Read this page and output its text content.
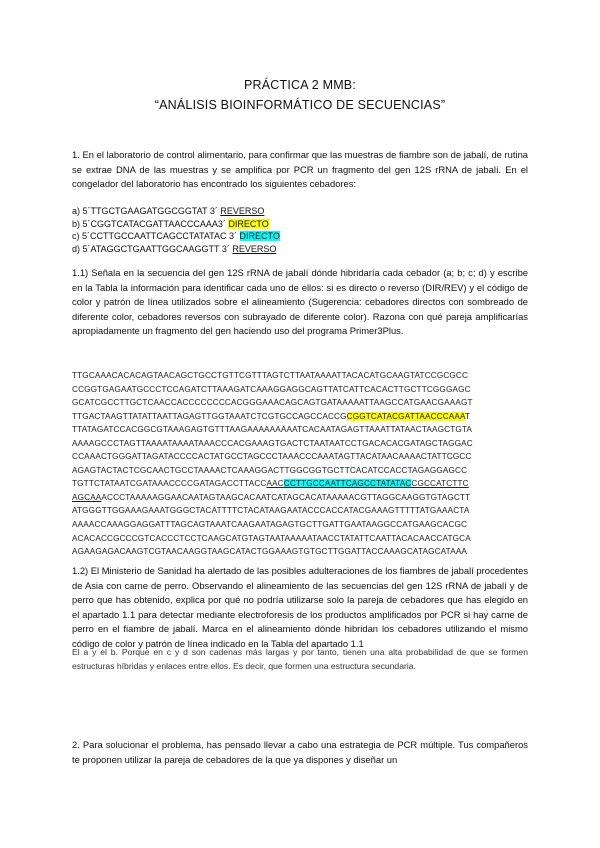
PRÁCTICA 2 MMB:
“ANÁLISIS BIOINFORMÁTICO DE SECUENCIAS”
1. En el laboratorio de control alimentario, para confirmar que las muestras de fiambre son de jabalí, de rutina se extrae DNA de las muestras y se amplifica por PCR un fragmento del gen 12S rRNA de jabalí. En el congelador del laboratorio has encontrado los siguientes cebadores:
a) 5´TTGCTGAAGATGGCGGTAT 3´ REVERSO
b) 5´CGGTCATACGATTAACCCAAA3´ DIRECTO
c) 5´CCTTGCCAATTCAGCCTATATAC 3´ DIRECTO
d) 5´ATAGGCTGAATTGGCAAGGTT 3´ REVERSO
1.1) Señala en la secuencia del gen 12S rRNA de jabalí dónde hibridaría cada cebador (a; b; c; d) y escribe en la Tabla la información para identificar cada uno de ellos: si es directo o reverso (DIR/REV) y el código de color y patrón de línea utilizados sobre el alineamiento (Sugerencia: cebadores directos con sombreado de diferente color, cebadores reversos con subrayado de diferente color). Razona con qué pareja amplificarías apropiadamente un fragmento del gen haciendo uso del programa Primer3Plus.
TTGCAAACACACAGTAACAGCTGCCTGTTCGTTTAGTCTTAATAAAATTACACATGCAAGTATCCGCGCC
CCGGTGAGAATGCCCTCCAGATCTTAAAGATCAAAGGAGGCAGTTATCATTCACACTTGCTTCGGGAGC
GCATCGCCTTGCTCAACCACCCCCCCCACGGGAAACAGCAGTGATAAAAATTAAGCCATGAACGAAAGT
TTGACTAAGTTATATTAATTAGAGTTGGTAAATCTCGTGCCAGCCACCGCGGTCATACGATTAACCCAAAT
TTATAGATCCACGGCGTAAAGAGTGTTTAAGAAAAAAAAATCACAATAGAGTTAAATTATAACTAAGCTGTA
AAAAGCCCTAGTTAAAATAAAATAAACCCACGAAAGTGACTCTAATAATCCTGACACACGATAGCTAGGAC
CCAAACTGGGATTAGATACCCCACTATGCCTAGCCCTAAACCCAAATAGTTACATAACAAAACTATTCGCC
AGAGTACTACTCGCAACTGCCTAAAACTCAAAGGACTTGGCGGTGCTTCACATCCACCTAGAGGAGCC
TGTTCTATAATCGATAAACCCCGATAGACCTTACCAACCCTTGCCAATTCAGCCTATATACCGCCATCTTC
AGCAAACCCTAAAAAGGAACAATAGTAAGCACAATCATAGCACATAAAAACGTTAGGCAAGGTGTAGCTT
ATGGGTTGGAAAGAAATGGGCTACATTTTCTACATAAGAATACCCACCATACGAAAGTTTTTATGAAACTA
AAAACCAAAGGAGGATTTAGCAGTAAATCAAGAATAGAGTGCTTGATTGAATAAGGCCATGAAGCACGC
ACACACCGCCCGTCACCCTCCTCAAGCATGTAGTAATAAAAATAACCTATATTCAATTACACAACCATGCA
AGAAGAGACAAGTCGTAACAAGGTAAGCATACTGGAAAGTGTGCTTGGATTACCAAAGCATAGCATAAA
1.2) El Ministerio de Sanidad ha alertado de las posibles adulteraciones de los fiambres de jabalí procedentes de Asia con carne de perro. Observando el alineamiento de las secuencias del gen 12S rRNA de jabalí y de perro que has obtenido, explica por qué no podría utilizarse solo la pareja de cebadores que has elegido en el apartado 1.1 para detectar mediante electroforesis de los productos amplificados por PCR si hay carne de perro en el fiambre de jabalí. Marca en el alineamiento dónde hibridan los cebadores utilizando el mismo código de color y patrón de línea indicado en la Tabla del apartado 1.1
El a y el b. Porque en c y d son cadenas más largas y por tanto, tienen una alta probabilidad de que se formen estructuras híbridas y enlaces entre ellos. Es decir, que formen una estructura secundaria.
2. Para solucionar el problema, has pensado llevar a cabo una estrategia de PCR múltiple. Tus compañeros te proponen utilizar la pareja de cebadores de la que ya dispones y diseñar un
